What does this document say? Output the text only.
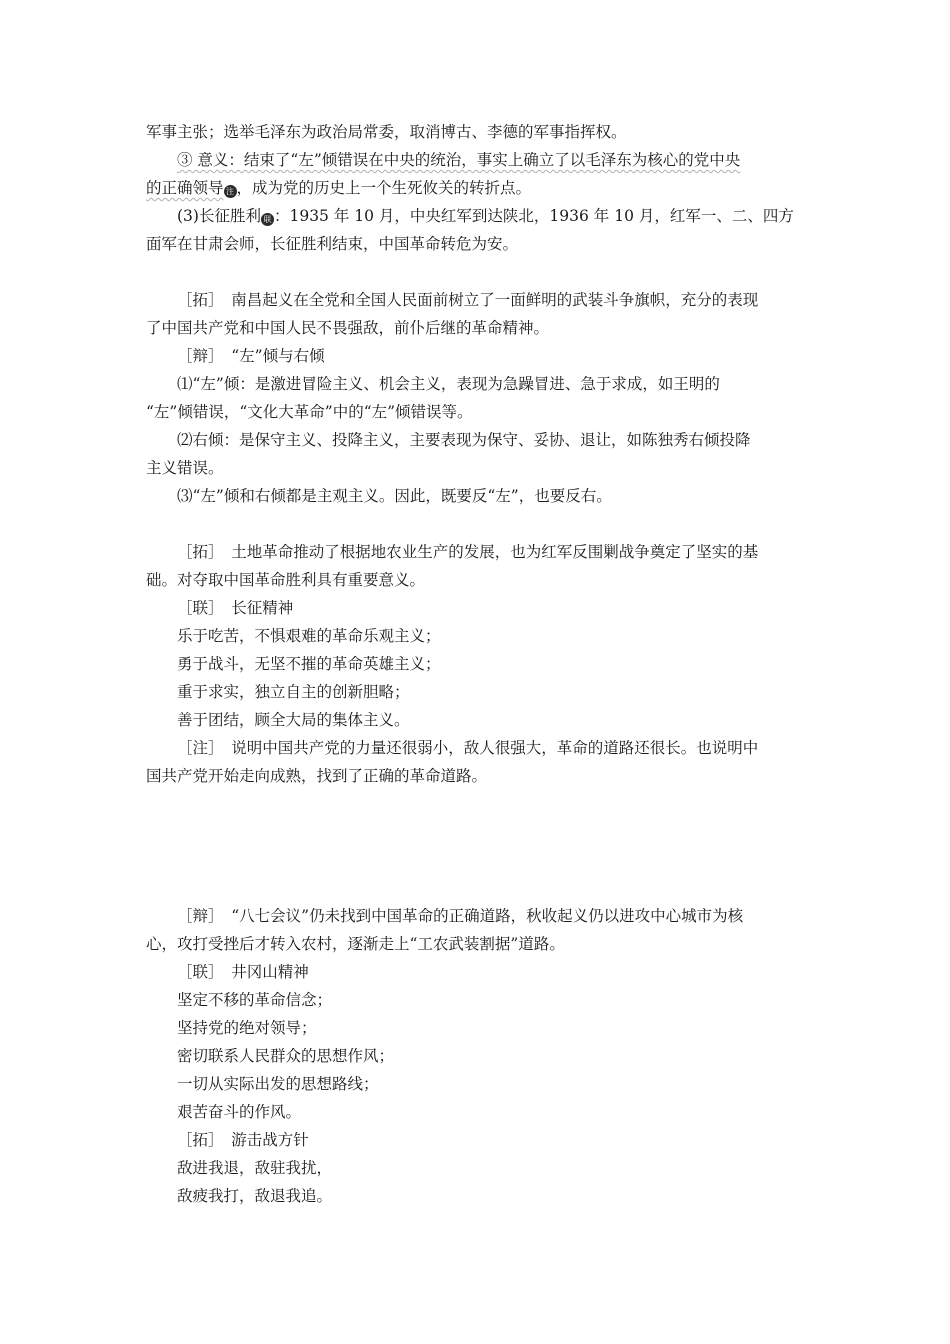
军事主张；选举毛泽东为政治局常委，取消博古、李德的军事指挥权。
③ 意义：结束了“左”倾错误在中央的统治，事实上确立了以毛泽东为核心的党中央
的正确领导 注 ，成为党的历史上一个生死攸关的转折点。
(3)长征胜利 联 ：1935 年 10 月，中央红军到达陕北，1936 年 10 月，红军一、二、四方
面军在甘肃会师，长征胜利结束，中国革命转危为安。
［拓］　南昌起义在全党和全国人民面前树立了一面鲜明的武装斗争旗帜，充分的表现
了中国共产党和中国人民不畏强敌，前仆后继的革命精神。
［辩］　“左”倾与右倾
⑴“左”倾：是激进冒险主义、机会主义，表现为急躁冒进、急于求成，如王明的
“左”倾错误，“文化大革命”中的“左”倾错误等。
⑵右倾：是保守主义、投降主义，主要表现为保守、妥协、退让，如陈独秀右倾投降
主义错误。
⑶“左”倾和右倾都是主观主义。因此，既要反“左”，也要反右。
［拓］　土地革命推动了根据地农业生产的发展，也为红军反围剿战争奠定了坚实的基
础。对夺取中国革命胜利具有重要意义。
［联］　长征精神
乐于吃苦，不惧艰难的革命乐观主义；
勇于战斗，无坚不摧的革命英雄主义；
重于求实，独立自主的创新胆略；
善于团结，顾全大局的集体主义。
［注］　说明中国共产党的力量还很弱小，敌人很强大，革命的道路还很长。也说明中
国共产党开始走向成熟，找到了正确的革命道路。
［辩］　“八七会议”仍未找到中国革命的正确道路，秋收起义仍以进攻中心城市为核
心，攻打受挫后才转入农村，逐渐走上“工农武装割据”道路。
［联］　井冈山精神
坚定不移的革命信念；
坚持党的绝对领导；
密切联系人民群众的思想作风；
一切从实际出发的思想路线；
艰苦奋斗的作风。
［拓］　游击战方针
敌进我退，敌驻我扰，
敌疲我打，敌退我追。
